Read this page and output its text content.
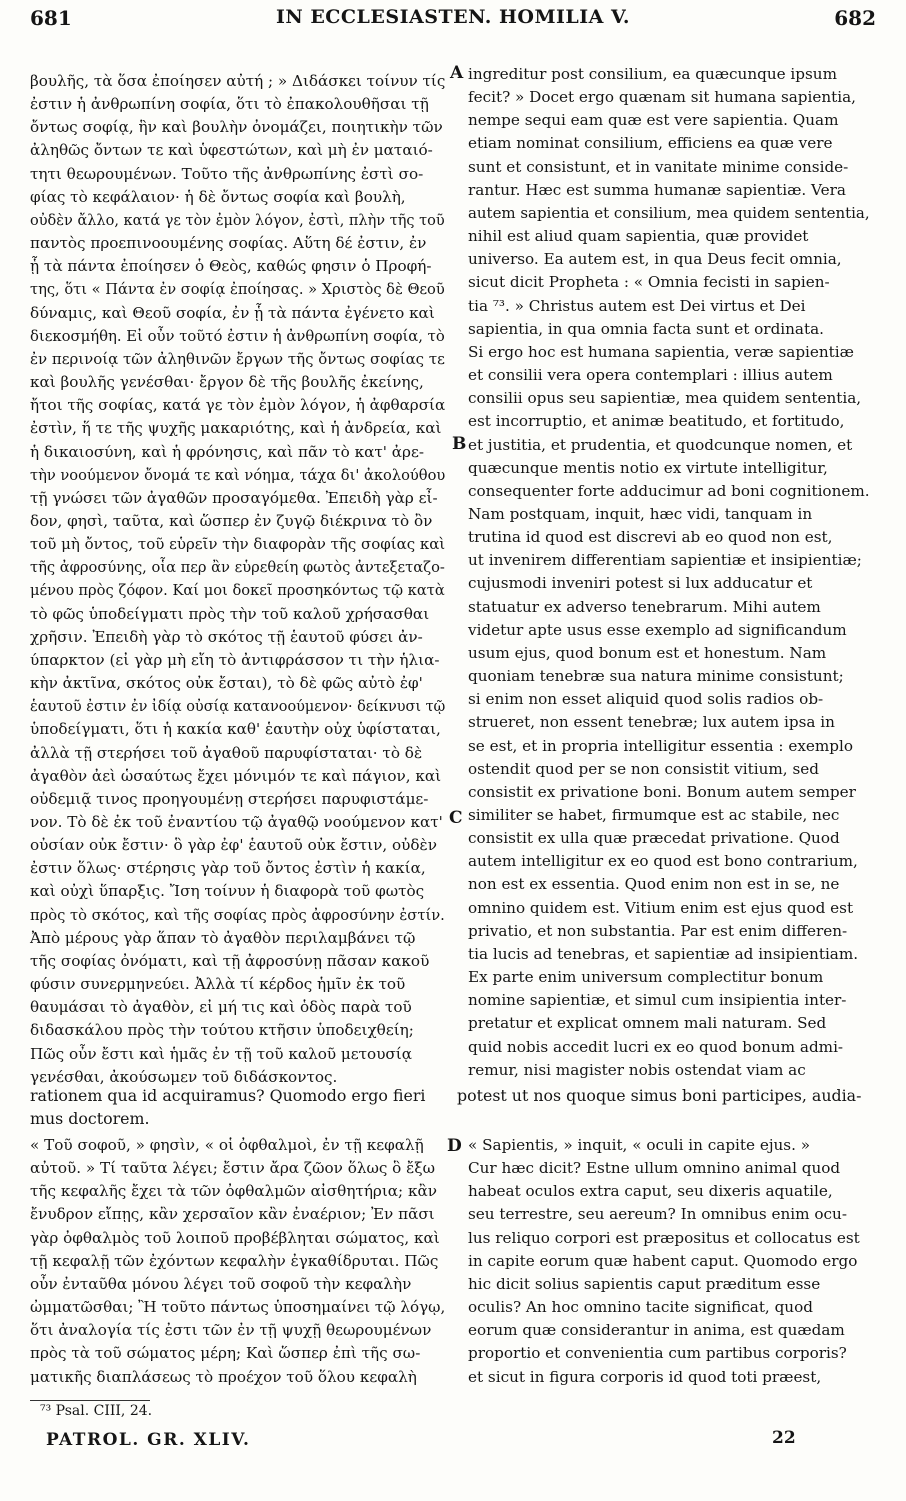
681	IN ECCLESIASTEN. HOMILIA V.	682
A
B
C
D
βουλῆς, τὰ ὅσα ἐποίησεν αὐτή ; » Διδάσκει τοίνυν τίς
ἐστιν ἡ ἀνθρωπίνη σοφία, ὅτι τὸ ἐπακολουθῆσαι τῇ
ὄντως σοφίᾳ, ἣν καὶ βουλὴν ὀνομάζει, ποιητικὴν τῶν
ἀληθῶς ὄντων τε καὶ ὑφεστώτων, καὶ μὴ ἐν ματαιό-
τητι θεωρουμένων. Τοῦτο τῆς ἀνθρωπίνης ἐστὶ σο-
φίας τὸ κεφάλαιον· ἡ δὲ ὄντως σοφία καὶ βουλὴ,
οὐδὲν ἄλλο, κατά γε τὸν ἐμὸν λόγον, ἐστὶ, πλὴν τῆς τοῦ
παντὸς προεπινοουμένης σοφίας. Αὕτη δέ ἐστιν, ἐν
ᾗ τὰ πάντα ἐποίησεν ὁ Θεὸς, καθώς φησιν ὁ Προφή-
της, ὅτι « Πάντα ἐν σοφίᾳ ἐποίησας. » Χριστὸς δὲ Θεοῦ
δύναμις, καὶ Θεοῦ σοφία, ἐν ᾗ τὰ πάντα ἐγένετο καὶ
διεκοσμήθη. Εἰ οὖν τοῦτό ἐστιν ἡ ἀνθρωπίνη σοφία, τὸ
ἐν περινοίᾳ τῶν ἀληθινῶν ἔργων τῆς ὄντως σοφίας τε
καὶ βουλῆς γενέσθαι· ἔργον δὲ τῆς βουλῆς ἐκείνης,
ἤτοι τῆς σοφίας, κατά γε τὸν ἐμὸν λόγον, ἡ ἀφθαρσία
ἐστὶν, ἥ τε τῆς ψυχῆς μακαριότης, καὶ ἡ ἀνδρεία, καὶ
ἡ δικαιοσύνη, καὶ ἡ φρόνησις, καὶ πᾶν τὸ κατ' ἀρε-
τὴν νοούμενον ὄνομά τε καὶ νόημα, τάχα δι' ἀκολούθου
τῇ γνώσει τῶν ἀγαθῶν προσαγόμεθα. Ἐπειδὴ γὰρ εἶ-
δον, φησὶ, ταῦτα, καὶ ὥσπερ ἐν ζυγῷ διέκρινα τὸ ὂν
τοῦ μὴ ὄντος, τοῦ εὑρεῖν τὴν διαφορὰν τῆς σοφίας καὶ
τῆς ἀφροσύνης, οἷα περ ἂν εὑρεθείη φωτὸς ἀντεξεταζο-
μένου πρὸς ζόφον. Καί μοι δοκεῖ προσηκόντως τῷ κατὰ
τὸ φῶς ὑποδείγματι πρὸς τὴν τοῦ καλοῦ χρήσασθαι
χρῆσιν. Ἐπειδὴ γὰρ τὸ σκότος τῇ ἑαυτοῦ φύσει ἀν-
ύπαρκτον (εἰ γὰρ μὴ εἴη τὸ ἀντιφράσσον τι τὴν ἡλια-
κὴν ἀκτῖνα, σκότος οὐκ ἔσται), τὸ δὲ φῶς αὐτὸ ἐφ'
ἑαυτοῦ ἐστιν ἐν ἰδίᾳ οὐσίᾳ κατανοούμενον· δείκνυσι τῷ
ὑποδείγματι, ὅτι ἡ κακία καθ' ἑαυτὴν οὐχ ὑφίσταται,
ἀλλὰ τῇ στερήσει τοῦ ἀγαθοῦ παρυφίσταται· τὸ δὲ
ἀγαθὸν ἀεὶ ὡσαύτως ἔχει μόνιμόν τε καὶ πάγιον, καὶ
οὐδεμιᾷ τινος προηγουμένῃ στερήσει παρυφιστάμε-
νον. Τὸ δὲ ἐκ τοῦ ἐναντίου τῷ ἀγαθῷ νοούμενον κατ'
οὐσίαν οὐκ ἔστιν· ὃ γὰρ ἐφ' ἑαυτοῦ οὐκ ἔστιν, οὐδὲν
ἐστιν ὅλως· στέρησις γὰρ τοῦ ὄντος ἐστὶν ἡ κακία,
καὶ οὐχὶ ὕπαρξις. Ἴση τοίνυν ἡ διαφορὰ τοῦ φωτὸς
πρὸς τὸ σκότος, καὶ τῆς σοφίας πρὸς ἀφροσύνην ἐστίν.
Ἀπὸ μέρους γὰρ ἅπαν τὸ ἀγαθὸν περιλαμβάνει τῷ
τῆς σοφίας ὀνόματι, καὶ τῇ ἀφροσύνῃ πᾶσαν κακοῦ
φύσιν συνερμηνεύει. Ἀλλὰ τί κέρδος ἡμῖν ἐκ τοῦ
θαυμάσαι τὸ ἀγαθὸν, εἰ μή τις καὶ ὁδὸς παρὰ τοῦ
διδασκάλου πρὸς τὴν τούτου κτῆσιν ὑποδειχθείη;
Πῶς οὖν ἔστι καὶ ἡμᾶς ἐν τῇ τοῦ καλοῦ μετουσίᾳ
γενέσθαι, ἀκούσωμεν τοῦ διδάσκοντος.
ingreditur post consilium, ea quæcunque ipsum
fecit? » Docet ergo quænam sit humana sapientia,
nempe sequi eam quæ est vere sapientia. Quam
etiam nominat consilium, efficiens ea quæ vere
sunt et consistunt, et in vanitate minime conside-
rantur. Hæc est summa humanæ sapientiæ. Vera
autem sapientia et consilium, mea quidem sententia,
nihil est aliud quam sapientia, quæ providet
universo. Ea autem est, in qua Deus fecit omnia,
sicut dicit Propheta : « Omnia fecisti in sapien-
tia ⁷³. » Christus autem est Dei virtus et Dei
sapientia, in qua omnia facta sunt et ordinata.
Si ergo hoc est humana sapientia, veræ sapientiæ
et consilii vera opera contemplari : illius autem
consilii opus seu sapientiæ, mea quidem sententia,
est incorruptio, et animæ beatitudo, et fortitudo,
et justitia, et prudentia, et quodcunque nomen, et
quæcunque mentis notio ex virtute intelligitur,
consequenter forte adducimur ad boni cognitionem.
Nam postquam, inquit, hæc vidi, tanquam in
trutina id quod est discrevi ab eo quod non est,
ut invenirem differentiam sapientiæ et insipientiæ;
cujusmodi inveniri potest si lux adducatur et
statuatur ex adverso tenebrarum. Mihi autem
videtur apte usus esse exemplo ad significandum
usum ejus, quod bonum est et honestum. Nam
quoniam tenebræ sua natura minime consistunt;
si enim non esset aliquid quod solis radios ob-
strueret, non essent tenebræ; lux autem ipsa in
se est, et in propria intelligitur essentia : exemplo
ostendit quod per se non consistit vitium, sed
consistit ex privatione boni. Bonum autem semper
similiter se habet, firmumque est ac stabile, nec
consistit ex ulla quæ præcedat privatione. Quod
autem intelligitur ex eo quod est bono contrarium,
non est ex essentia. Quod enim non est in se, ne
omnino quidem est. Vitium enim est ejus quod est
privatio, et non substantia. Par est enim differen-
tia lucis ad tenebras, et sapientiæ ad insipientiam.
Ex parte enim universum complectitur bonum
nomine sapientiæ, et simul cum insipientia inter-
pretatur et explicat omnem mali naturam. Sed
quid nobis accedit lucri ex eo quod bonum admi-
remur, nisi magister nobis ostendat viam ac
rationem qua id acquiramus? Quomodo ergo fieri
mus doctorem.
potest ut nos quoque simus boni participes, audia-
« Τοῦ σοφοῦ, » φησὶν, « οἱ ὀφθαλμοὶ, ἐν τῇ κεφαλῇ
αὐτοῦ. » Τί ταῦτα λέγει; ἔστιν ἄρα ζῶον ὅλως ὃ ἔξω
τῆς κεφαλῆς ἔχει τὰ τῶν ὀφθαλμῶν αἰσθητήρια; κἂν
ἔνυδρον εἴπῃς, κἂν χερσαῖον κἂν ἐναέριον; Ἐν πᾶσι
γὰρ ὀφθαλμὸς τοῦ λοιποῦ προβέβληται σώματος, καὶ
τῇ κεφαλῇ τῶν ἐχόντων κεφαλὴν ἐγκαθίδρυται. Πῶς
οὖν ἐνταῦθα μόνου λέγει τοῦ σοφοῦ τὴν κεφαλὴν
ὠμματῶσθαι; Ἢ τοῦτο πάντως ὑποσημαίνει τῷ λόγῳ,
ὅτι ἀναλογία τίς ἐστι τῶν ἐν τῇ ψυχῇ θεωρουμένων
πρὸς τὰ τοῦ σώματος μέρη; Καὶ ὥσπερ ἐπὶ τῆς σω-
ματικῆς διαπλάσεως τὸ προέχον τοῦ ὅλου κεφαλὴ
« Sapientis, » inquit, « oculi in capite ejus. »
Cur hæc dicit? Estne ullum omnino animal quod
habeat oculos extra caput, seu dixeris aquatile,
seu terrestre, seu aereum? In omnibus enim ocu-
lus reliquo corpori est præpositus et collocatus est
in capite eorum quæ habent caput. Quomodo ergo
hic dicit solius sapientis caput præditum esse
oculis? An hoc omnino tacite significat, quod
eorum quæ considerantur in anima, est quædam
proportio et convenientia cum partibus corporis?
et sicut in figura corporis id quod toti præest,
⁷³ Psal. CIII, 24.
PATROL. GR. XLIV.	22
